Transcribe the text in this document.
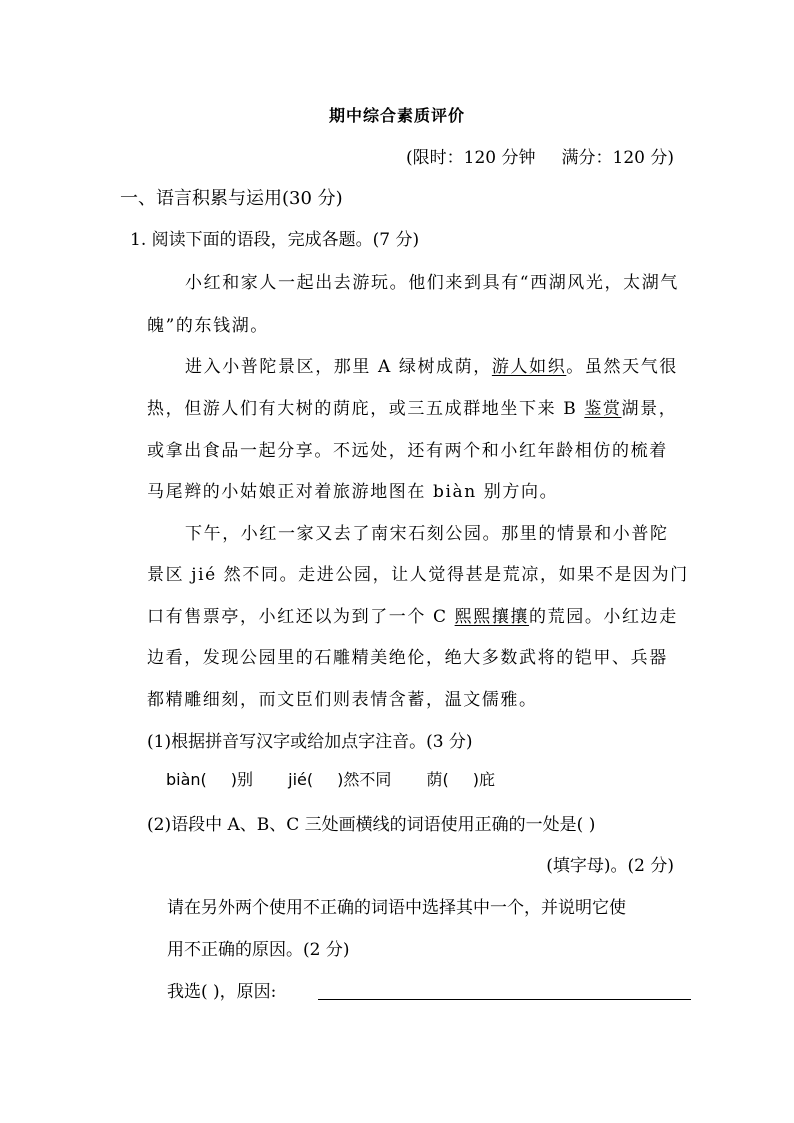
期中综合素质评价
(限时：120 分钟 满分：120 分)
一、语言积累与运用(30 分)
1. 阅读下面的语段，完成各题。(7 分)
小红和家人一起出去游玩。他们来到具有“西湖风光，太湖气
魄”的东钱湖。
进入小普陀景区，那里 A 绿树成荫，游人如织。虽然天气很
热，但游人们有大树的荫庇，或三五成群地坐下来 B 鉴赏湖景，
或拿出食品一起分享。不远处，还有两个和小红年龄相仿的梳着
马尾辫的小姑娘正对着旅游地图在 biàn 别方向。
下午，小红一家又去了南宋石刻公园。那里的情景和小普陀
景区 jié 然不同。走进公园，让人觉得甚是荒凉，如果不是因为门
口有售票亭，小红还以为到了一个 C 熙熙攘攘的荒园。小红边走
边看，发现公园里的石雕精美绝伦，绝大多数武将的铠甲、兵器
都精雕细刻，而文臣们则表情含蓄，温文儒雅。
(1)根据拼音写汉字或给加点字注音。(3 分)
biàn( )别 jié( )然不同 荫( )庇
(2)语段中 A、B、C 三处画横线的词语使用正确的一处是( )
(填字母)。(2 分)
请在另外两个使用不正确的词语中选择其中一个，并说明它使
用不正确的原因。(2 分)
我选( )，原因:
